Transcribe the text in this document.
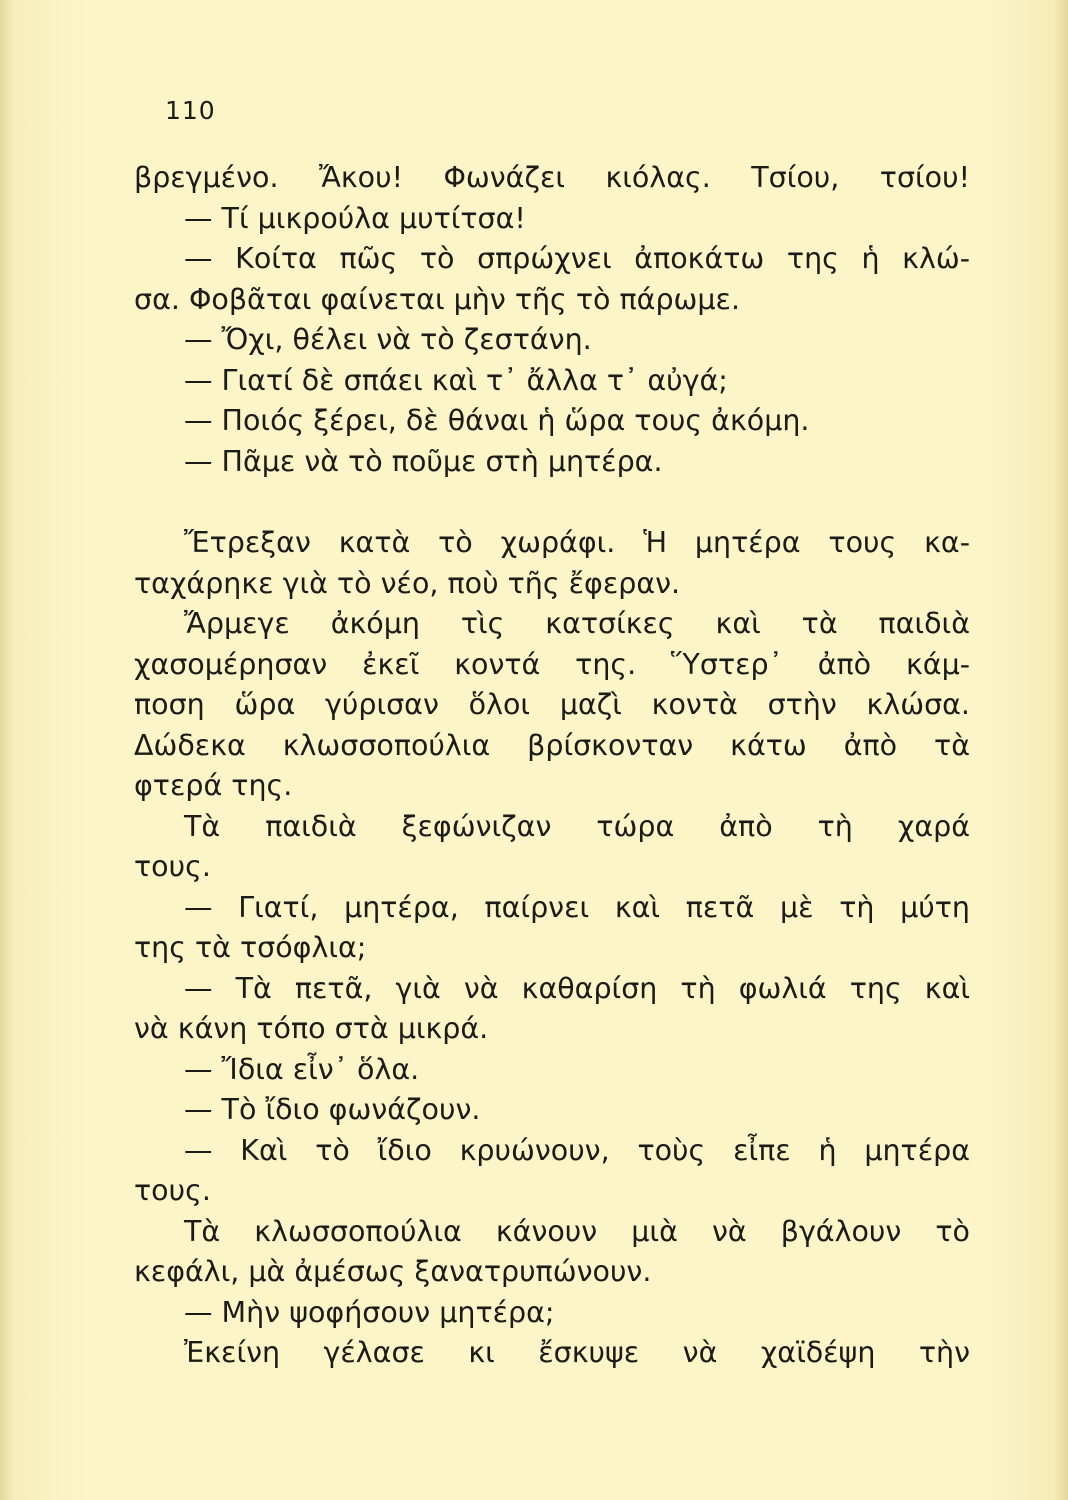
110
βρεγμένο. Ἄκου! Φωνάζει κιόλας. Τσίου, τσίου!
— Τί μικρούλα μυτίτσα!
— Κοίτα πῶς τὸ σπρώχνει ἀποκάτω της ἡ κλώ-
σα. Φοβᾶται φαίνεται μὴν τῆς τὸ πάρωμε.
— Ὄχι, θέλει νὰ τὸ ζεστάνη.
— Γιατί δὲ σπάει καὶ τ᾽ ἄλλα τ᾽ αὐγά;
— Ποιός ξέρει, δὲ θάναι ἡ ὥρα τους ἀκόμη.
— Πᾶμε νὰ τὸ ποῦμε στὴ μητέρα.
Ἔτρεξαν κατὰ τὸ χωράφι. Ἡ μητέρα τους κα-
ταχάρηκε γιὰ τὸ νέο, ποὺ τῆς ἔφεραν.
Ἄρμεγε ἀκόμη τὶς κατσίκες καὶ τὰ παιδιὰ
χασομέρησαν ἐκεῖ κοντά της. Ὕστερ᾽ ἀπὸ κάμ-
ποση ὥρα γύρισαν ὅλοι μαζὶ κοντὰ στὴν κλώσα.
Δώδεκα κλωσσοπούλια βρίσκονταν κάτω ἀπὸ τὰ
φτερά της.
Τὰ παιδιὰ ξεφώνιζαν τώρα ἀπὸ τὴ χαρά
τους.
— Γιατί, μητέρα, παίρνει καὶ πετᾶ μὲ τὴ μύτη
της τὰ τσόφλια;
— Τὰ πετᾶ, γιὰ νὰ καθαρίση τὴ φωλιά της καὶ
νὰ κάνη τόπο στὰ μικρά.
— Ἴδια εἶν᾽ ὅλα.
— Τὸ ἴδιο φωνάζουν.
— Καὶ τὸ ἴδιο κρυώνουν, τοὺς εἶπε ἡ μητέρα
τους.
Τὰ κλωσσοπούλια κάνουν μιὰ νὰ βγάλουν τὸ
κεφάλι, μὰ ἀμέσως ξανατρυπώνουν.
— Μὴν ψοφήσουν μητέρα;
Ἐκείνη γέλασε κι ἔσκυψε νὰ χαϊδέψη τὴν
